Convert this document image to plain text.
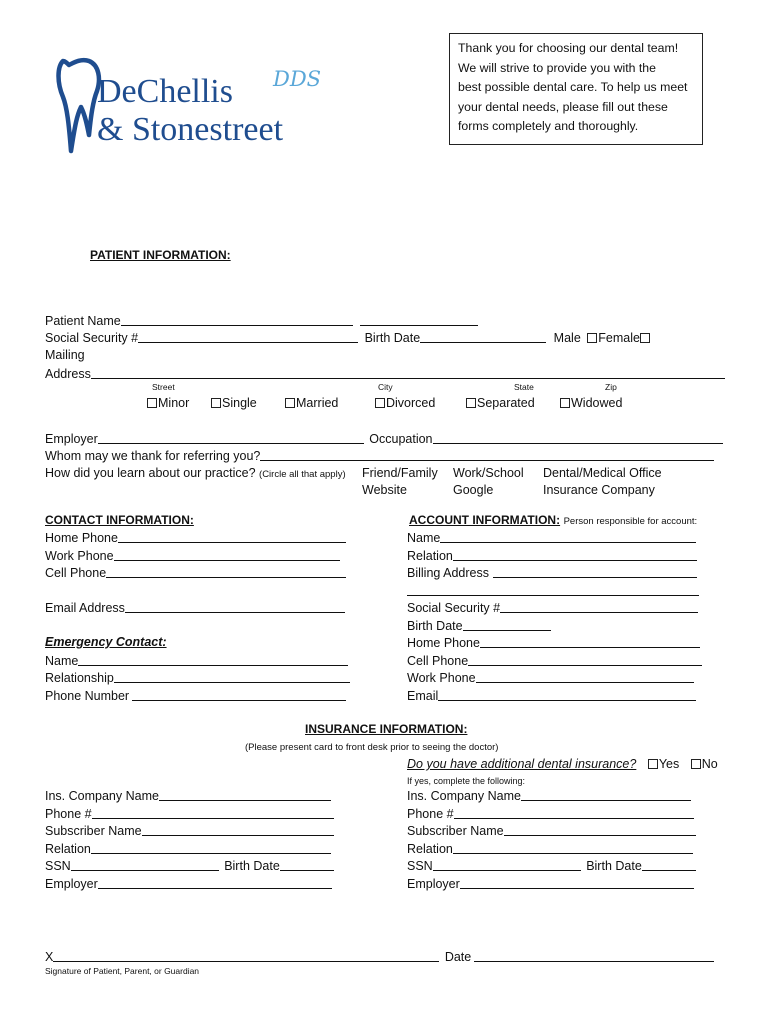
DeChellis DDS
& Stonestreet
Thank you for choosing our dental team!
We will strive to provide you with the
best possible dental care. To help us meet
your dental needs, please fill out these
forms completely and thoroughly.
PATIENT INFORMATION:
Patient Name
Social Security #	Birth Date	Male Female
Mailing
Address
Street	City	State	Zip
Minor	Single	Married	Divorced	Separated	Widowed
Employer	Occupation
Whom may we thank for referring you?
How did you learn about our practice? (Circle all that apply) Friend/Family Work/School Dental/Medical Office
Website	Google	Insurance Company
CONTACT INFORMATION:
Home Phone
Work Phone
Cell Phone
Email Address
Emergency Contact:
Name
Relationship
Phone Number
ACCOUNT INFORMATION: Person responsible for account:
Name
Relation
Billing Address
Social Security #
Birth Date
Home Phone
Cell Phone
Work Phone
Email
INSURANCE INFORMATION:
(Please present card to front desk prior to seeing the doctor)
Do you have additional dental insurance? Yes No
If yes, complete the following:
Ins. Company Name
Phone #
Subscriber Name
Relation
SSN	Birth Date
Employer
Ins. Company Name
Phone #
Subscriber Name
Relation
SSN	Birth Date
Employer
X	Date
Signature of Patient, Parent, or Guardian
